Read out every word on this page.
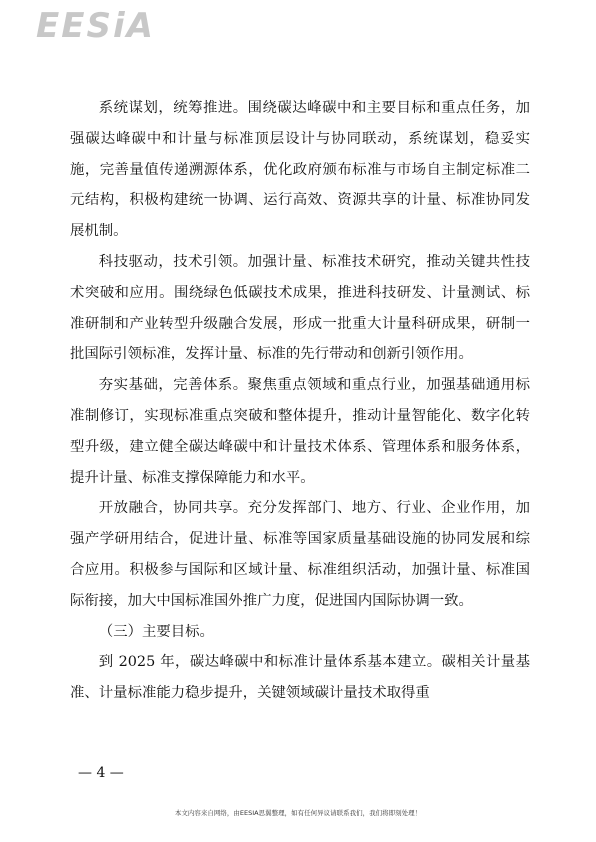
EESiA

系统谋划，统筹推进。围绕碳达峰碳中和主要目标和重点任务，加强碳达峰碳中和计量与标准顶层设计与协同联动，系统谋划，稳妥实施，完善量值传递溯源体系，优化政府颁布标准与市场自主制定标准二元结构，积极构建统一协调、运行高效、资源共享的计量、标准协同发展机制。

科技驱动，技术引领。加强计量、标准技术研究，推动关键共性技术突破和应用。围绕绿色低碳技术成果，推进科技研发、计量测试、标准研制和产业转型升级融合发展，形成一批重大计量科研成果，研制一批国际引领标准，发挥计量、标准的先行带动和创新引领作用。

夯实基础，完善体系。聚焦重点领域和重点行业，加强基础通用标准制修订，实现标准重点突破和整体提升，推动计量智能化、数字化转型升级，建立健全碳达峰碳中和计量技术体系、管理体系和服务体系，提升计量、标准支撑保障能力和水平。

开放融合，协同共享。充分发挥部门、地方、行业、企业作用，加强产学研用结合，促进计量、标准等国家质量基础设施的协同发展和综合应用。积极参与国际和区域计量、标准组织活动，加强计量、标准国际衔接，加大中国标准国外推广力度，促进国内国际协调一致。

（三）主要目标。

到 2025 年，碳达峰碳中和标准计量体系基本建立。碳相关计量基准、计量标准能力稳步提升，关键领域碳计量技术取得重

— 4 —
本文内容来自网络，由EESIA思翼整理，如有任何异议请联系我们，我们将即刻处理！
